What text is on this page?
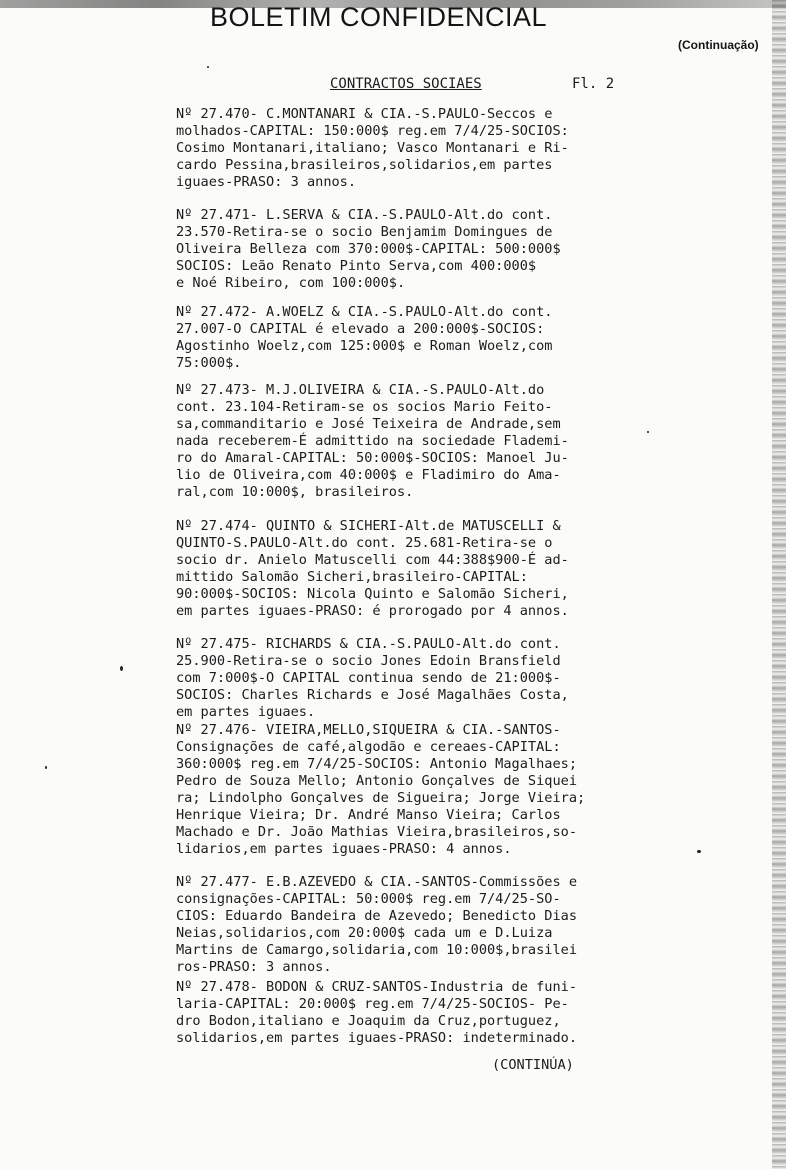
BOLETIM CONFIDENCIAL
(Continuação)
CONTRACTOS SOCIAES	Fl. 2
Nº 27.470- C.MONTANARI & CIA.-S.PAULO-Seccos e
molhados-CAPITAL: 150:000$ reg.em 7/4/25-SOCIOS:
Cosimo Montanari,italiano; Vasco Montanari e Ri-
cardo Pessina,brasileiros,solidarios,em partes
iguaes-PRASO: 3 annos.
Nº 27.471- L.SERVA & CIA.-S.PAULO-Alt.do cont.
23.570-Retira-se o socio Benjamim Domingues de
Oliveira Belleza com 370:000$-CAPITAL: 500:000$
SOCIOS: Leão Renato Pinto Serva,com 400:000$
e Noé Ribeiro, com 100:000$.
Nº 27.472- A.WOELZ & CIA.-S.PAULO-Alt.do cont.
27.007-O CAPITAL é elevado a 200:000$-SOCIOS:
Agostinho Woelz,com 125:000$ e Roman Woelz,com
75:000$.
Nº 27.473- M.J.OLIVEIRA & CIA.-S.PAULO-Alt.do
cont. 23.104-Retiram-se os socios Mario Feito-
sa,commanditario e José Teixeira de Andrade,sem
nada receberem-É admittido na sociedade Flademi-
ro do Amaral-CAPITAL: 50:000$-SOCIOS: Manoel Ju-
lio de Oliveira,com 40:000$ e Fladimiro do Ama-
ral,com 10:000$, brasileiros.
Nº 27.474- QUINTO & SICHERI-Alt.de MATUSCELLI &
QUINTO-S.PAULO-Alt.do cont. 25.681-Retira-se o
socio dr. Anielo Matuscelli com 44:388$900-É ad-
mittido Salomão Sicheri,brasileiro-CAPITAL:
90:000$-SOCIOS: Nicola Quinto e Salomão Sicheri,
em partes iguaes-PRASO: é prorogado por 4 annos.
Nº 27.475- RICHARDS & CIA.-S.PAULO-Alt.do cont.
25.900-Retira-se o socio Jones Edoin Bransfield
com 7:000$-O CAPITAL continua sendo de 21:000$-
SOCIOS: Charles Richards e José Magalhães Costa,
em partes iguaes.
Nº 27.476- VIEIRA,MELLO,SIQUEIRA & CIA.-SANTOS-
Consignações de café,algodão e cereaes-CAPITAL:
360:000$ reg.em 7/4/25-SOCIOS: Antonio Magalhaes;
Pedro de Souza Mello; Antonio Gonçalves de Siquei
ra; Lindolpho Gonçalves de Sigueira; Jorge Vieira;
Henrique Vieira; Dr. André Manso Vieira; Carlos
Machado e Dr. João Mathias Vieira,brasileiros,so-
lidarios,em partes iguaes-PRASO: 4 annos.
Nº 27.477- E.B.AZEVEDO & CIA.-SANTOS-Commissões e
consignações-CAPITAL: 50:000$ reg.em 7/4/25-SO-
CIOS: Eduardo Bandeira de Azevedo; Benedicto Dias
Neias,solidarios,com 20:000$ cada um e D.Luiza
Martins de Camargo,solidaria,com 10:000$,brasilei
ros-PRASO: 3 annos.
Nº 27.478- BODON & CRUZ-SANTOS-Industria de funi-
laria-CAPITAL: 20:000$ reg.em 7/4/25-SOCIOS- Pe-
dro Bodon,italiano e Joaquim da Cruz,portuguez,
solidarios,em partes iguaes-PRASO: indeterminado.
(CONTINÚA)
